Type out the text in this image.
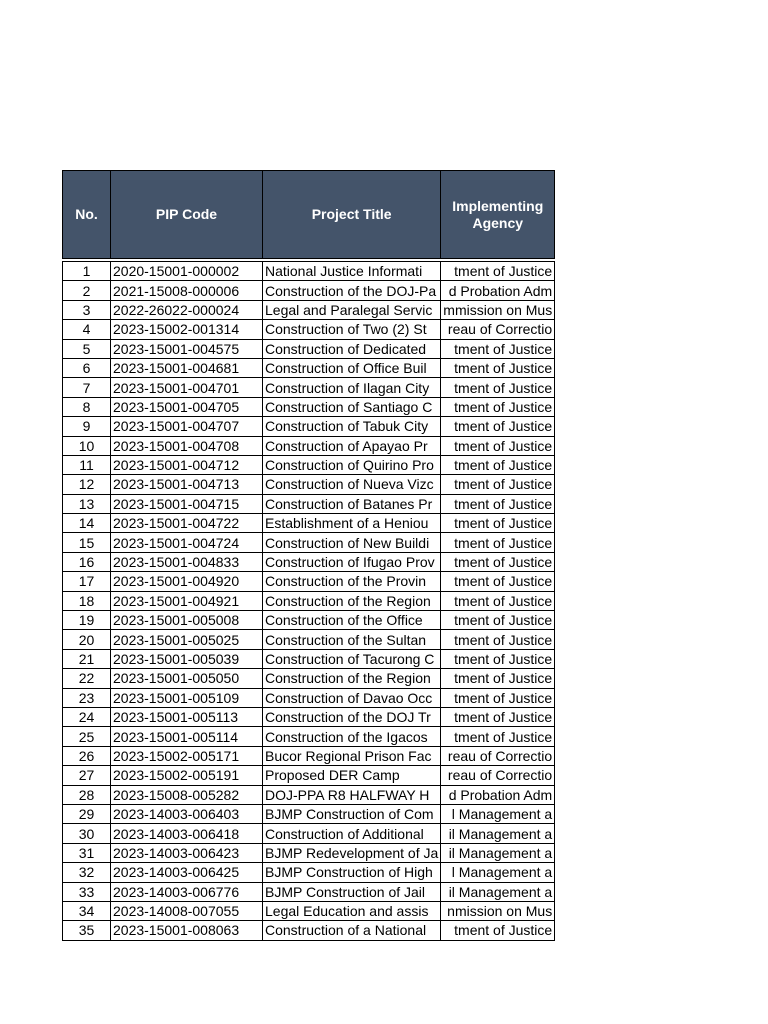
No.	PIP Code	Project Title	Implementing Agency

1	2020-15001-000002	National Justice Informati	tment of Justice
2	2021-15008-000006	Construction of the DOJ-Pa	d Probation Adm
3	2022-26022-000024	Legal and Paralegal Servic	mmission on Mus
4	2023-15002-001314	Construction of Two (2) St	reau of Correctio
5	2023-15001-004575	Construction of Dedicated	tment of Justice
6	2023-15001-004681	Construction of Office Buil	tment of Justice
7	2023-15001-004701	Construction of Ilagan City	tment of Justice
8	2023-15001-004705	Construction of Santiago C	tment of Justice
9	2023-15001-004707	Construction of Tabuk City	tment of Justice
10	2023-15001-004708	Construction of Apayao Pr	tment of Justice
11	2023-15001-004712	Construction of Quirino Pro	tment of Justice
12	2023-15001-004713	Construction of Nueva Vizc	tment of Justice
13	2023-15001-004715	Construction of Batanes Pr	tment of Justice
14	2023-15001-004722	Establishment of a Heniou	tment of Justice
15	2023-15001-004724	Construction of New Buildi	tment of Justice
16	2023-15001-004833	Construction of Ifugao Prov	tment of Justice
17	2023-15001-004920	Construction of the Provin	tment of Justice
18	2023-15001-004921	Construction of the Region	tment of Justice
19	2023-15001-005008	Construction of the Office	tment of Justice
20	2023-15001-005025	Construction of the Sultan	tment of Justice
21	2023-15001-005039	Construction of Tacurong C	tment of Justice
22	2023-15001-005050	Construction of the Region	tment of Justice
23	2023-15001-005109	Construction of Davao Occ	tment of Justice
24	2023-15001-005113	Construction of the DOJ Tr	tment of Justice
25	2023-15001-005114	Construction of the Igacos	tment of Justice
26	2023-15002-005171	Bucor Regional Prison Fac	reau of Correctio
27	2023-15002-005191	Proposed DER Camp	reau of Correctio
28	2023-15008-005282	DOJ-PPA R8 HALFWAY H	d Probation Adm
29	2023-14003-006403	BJMP Construction of Com	l Management a
30	2023-14003-006418	Construction of Additional	il Management a
31	2023-14003-006423	BJMP Redevelopment of Ja	il Management a
32	2023-14003-006425	BJMP Construction of High	l Management a
33	2023-14003-006776	BJMP Construction of Jail	il Management a
34	2023-14008-007055	Legal Education and assis	nmission on Mus
35	2023-15001-008063	Construction of a National	tment of Justice
